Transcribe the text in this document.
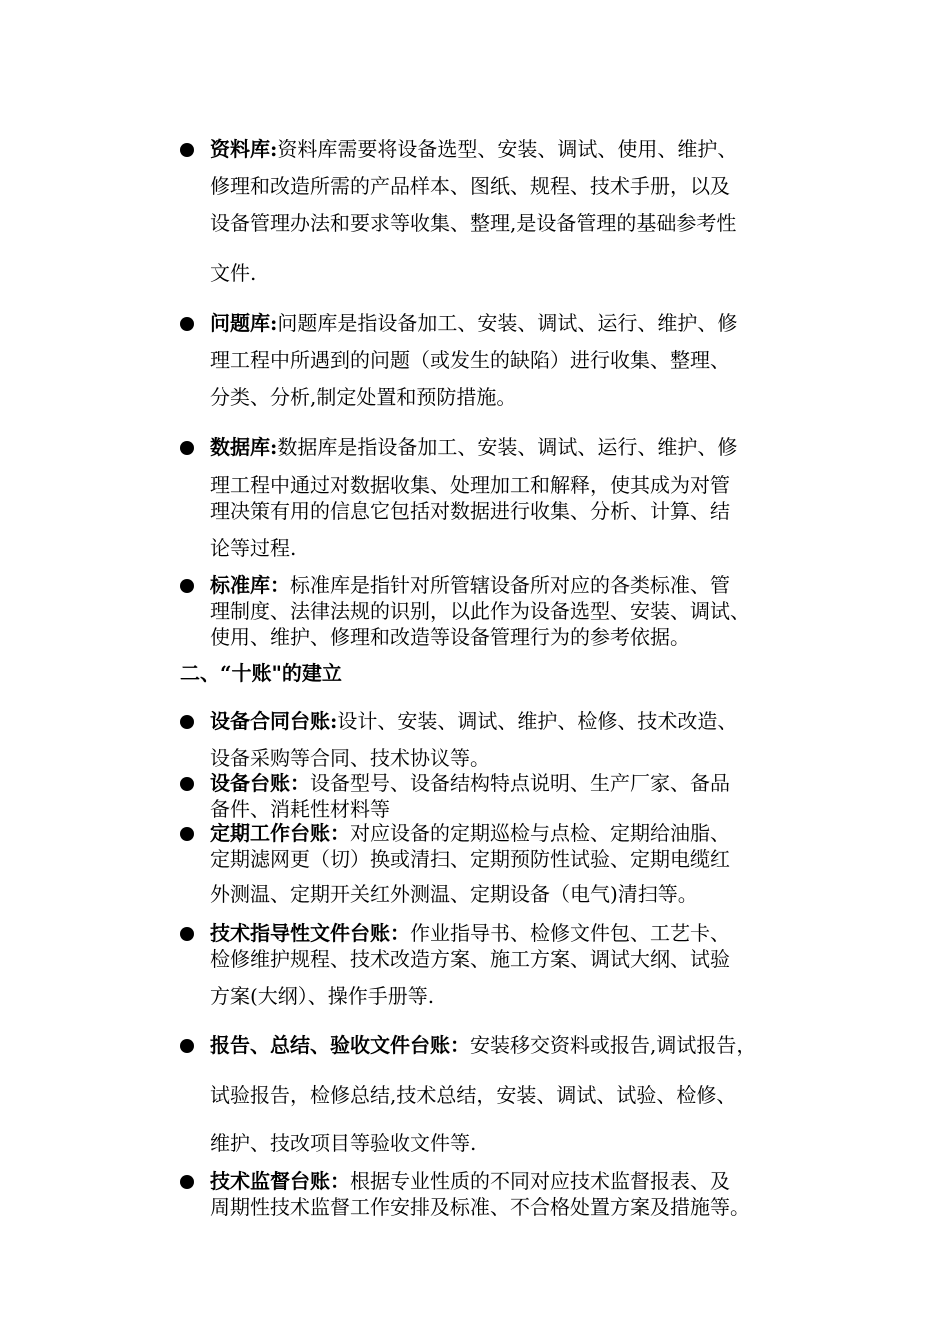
资料库:资料库需要将设备选型、安装、调试、使用、维护、
修理和改造所需的产品样本、图纸、规程、技术手册，以及
设备管理办法和要求等收集、整理,是设备管理的基础参考性
文件.
问题库:问题库是指设备加工、安装、调试、运行、维护、修
理工程中所遇到的问题（或发生的缺陷）进行收集、整理、
分类、分析,制定处置和预防措施。
数据库:数据库是指设备加工、安装、调试、运行、维护、修
理工程中通过对数据收集、处理加工和解释，使其成为对管
理决策有用的信息它包括对数据进行收集、分析、计算、结
论等过程.
标准库：标准库是指针对所管辖设备所对应的各类标准、管
理制度、法律法规的识别，以此作为设备选型、安装、调试、
使用、维护、修理和改造等设备管理行为的参考依据。
二、“十账"的建立
设备合同台账:设计、安装、调试、维护、检修、技术改造、
设备采购等合同、技术协议等。
设备台账：设备型号、设备结构特点说明、生产厂家、备品
备件、消耗性材料等
定期工作台账：对应设备的定期巡检与点检、定期给油脂、
定期滤网更（切）换或清扫、定期预防性试验、定期电缆红
外测温、定期开关红外测温、定期设备（电气)清扫等。
技术指导性文件台账：作业指导书、检修文件包、工艺卡、
检修维护规程、技术改造方案、施工方案、调试大纲、试验
方案(大纲）、操作手册等.
报告、总结、验收文件台账：安装移交资料或报告,调试报告，
试验报告，检修总结,技术总结，安装、调试、试验、检修、
维护、技改项目等验收文件等.
技术监督台账：根据专业性质的不同对应技术监督报表、及
周期性技术监督工作安排及标准、不合格处置方案及措施等。
